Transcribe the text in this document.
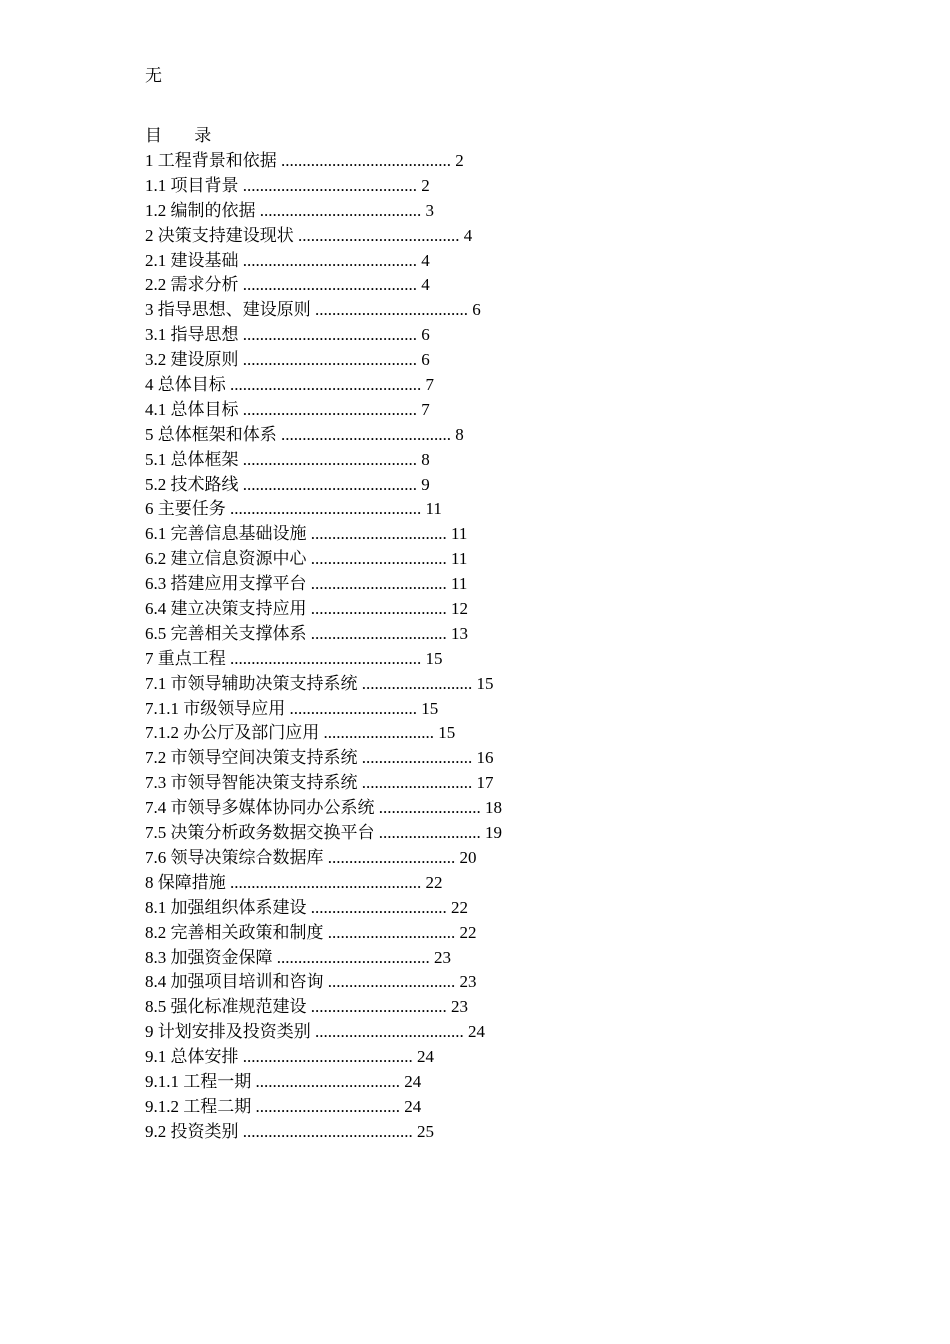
无
目 录
1 工程背景和依据 ........................................ 2
1.1 项目背景 ......................................... 2
1.2 编制的依据 ...................................... 3
2 决策支持建设现状 ...................................... 4
2.1 建设基础 ......................................... 4
2.2 需求分析 ......................................... 4
3 指导思想、建设原则 .................................... 6
3.1 指导思想 ......................................... 6
3.2 建设原则 ......................................... 6
4 总体目标 ............................................. 7
4.1 总体目标 ......................................... 7
5 总体框架和体系 ........................................ 8
5.1 总体框架 ......................................... 8
5.2 技术路线 ......................................... 9
6 主要任务 ............................................. 11
6.1 完善信息基础设施 ................................ 11
6.2 建立信息资源中心 ................................ 11
6.3 搭建应用支撑平台 ................................ 11
6.4 建立决策支持应用 ................................ 12
6.5 完善相关支撑体系 ................................ 13
7 重点工程 ............................................. 15
7.1 市领导辅助决策支持系统 .......................... 15
7.1.1 市级领导应用 .............................. 15
7.1.2 办公厅及部门应用 .......................... 15
7.2 市领导空间决策支持系统 .......................... 16
7.3 市领导智能决策支持系统 .......................... 17
7.4 市领导多媒体协同办公系统 ........................ 18
7.5 决策分析政务数据交换平台 ........................ 19
7.6 领导决策综合数据库 .............................. 20
8 保障措施 ............................................. 22
8.1 加强组织体系建设 ................................ 22
8.2 完善相关政策和制度 .............................. 22
8.3 加强资金保障 .................................... 23
8.4 加强项目培训和咨询 .............................. 23
8.5 强化标准规范建设 ................................ 23
9 计划安排及投资类别 ................................... 24
9.1 总体安排 ........................................ 24
9.1.1 工程一期 .................................. 24
9.1.2 工程二期 .................................. 24
9.2 投资类别 ........................................ 25
